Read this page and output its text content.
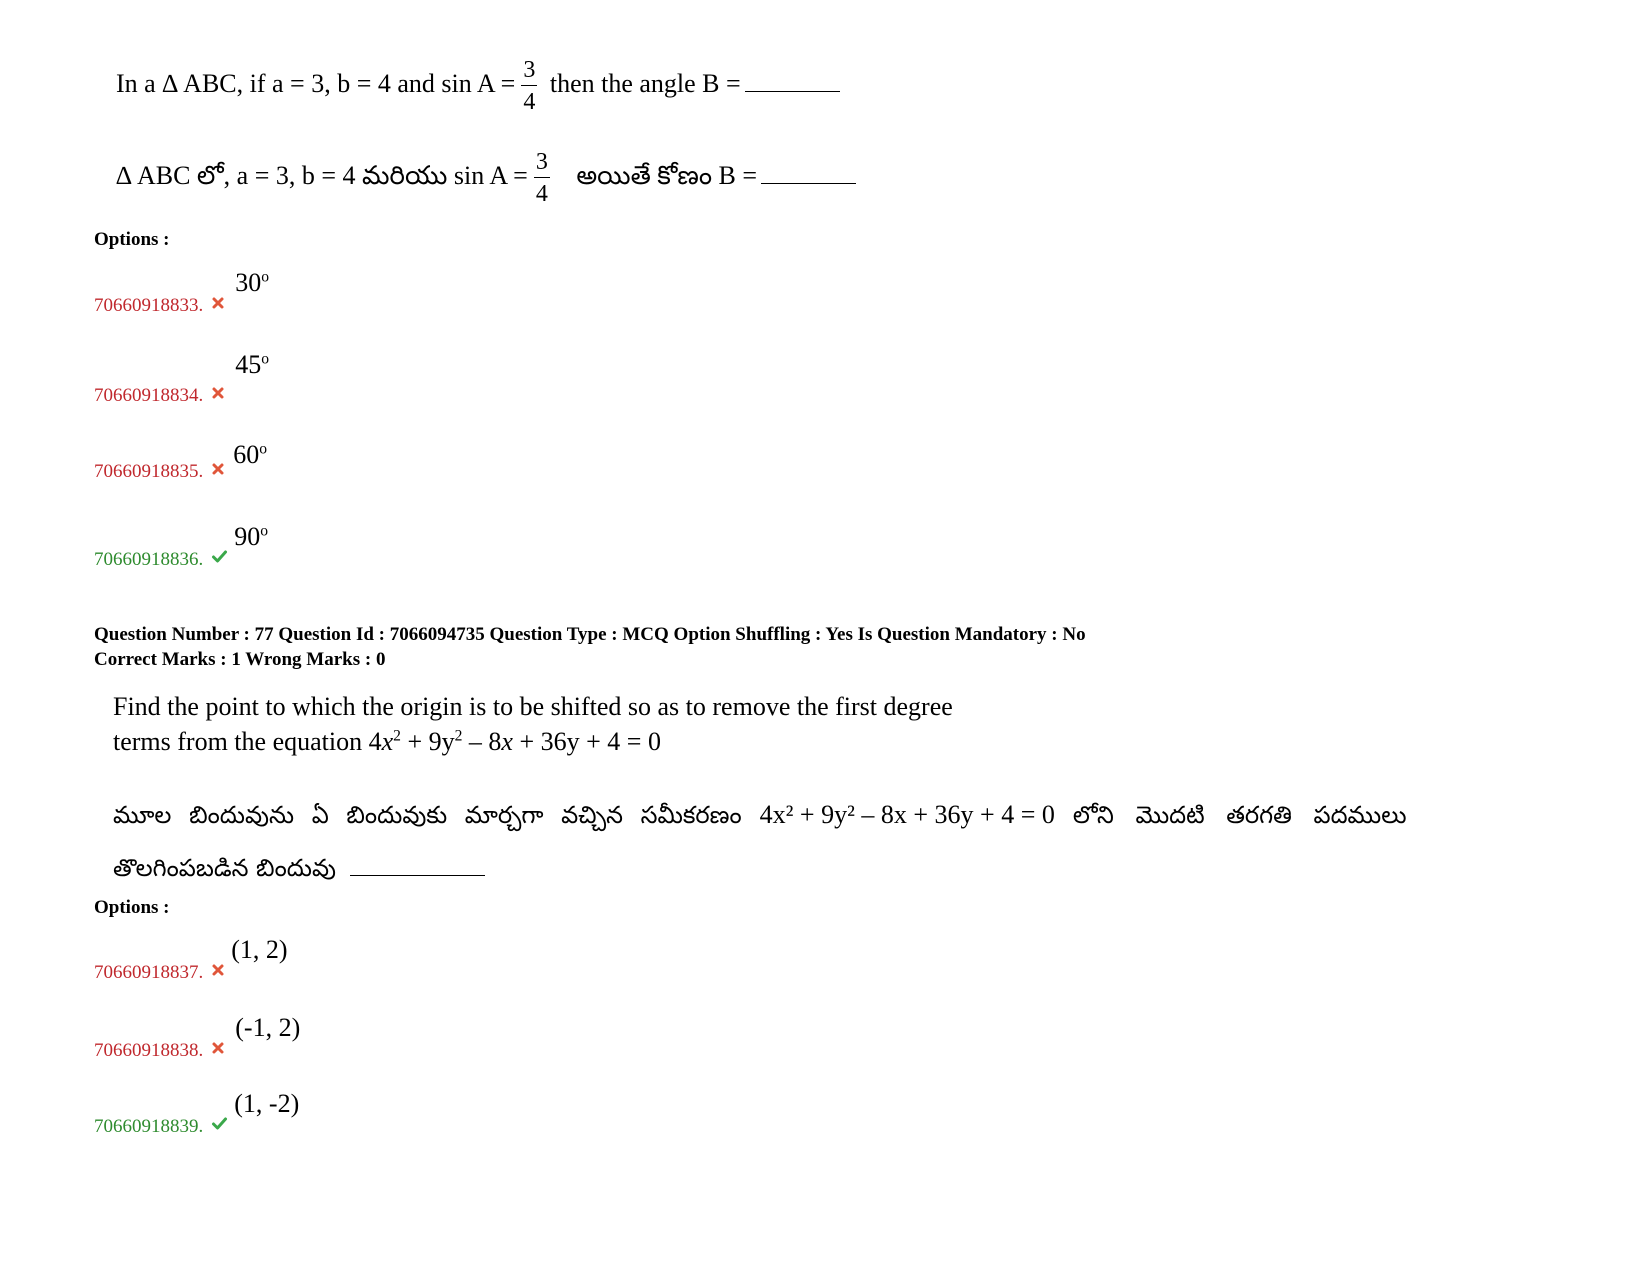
In a ∆ ABC, if a = 3, b = 4 and $\sin A = \frac{3}{4}$ then the angle B =
∆ ABC లో, a = 3, b = 4 మరియు $\sin A = \frac{3}{4}$ అయితే కోణం B =
Options :
70660918833.  30$^o$
70660918834.  45$^o$
70660918835.  60$^o$
70660918836.  90$^o$
Question Number : 77 Question Id : 7066094735 Question Type : MCQ Option Shuffling : Yes Is Question Mandatory : No
Correct Marks : 1 Wrong Marks : 0
Find the point to which the origin is to be shifted so as to remove the first degree
terms from the equation $4x^2 + 9y^2 - 8x + 36y + 4 = 0$
మూల బిందువును ఏ బిందువుకు మార్చగా వచ్చిన సమీకరణం 4x² + 9y² – 8x + 36y + 4 = 0 లోని మొదటి తరగతి పదములు
తొలగింపబడిన బిందువు
Options :
70660918837.  (1, 2)
70660918838.  (-1, 2)
70660918839.  (1, -2)
